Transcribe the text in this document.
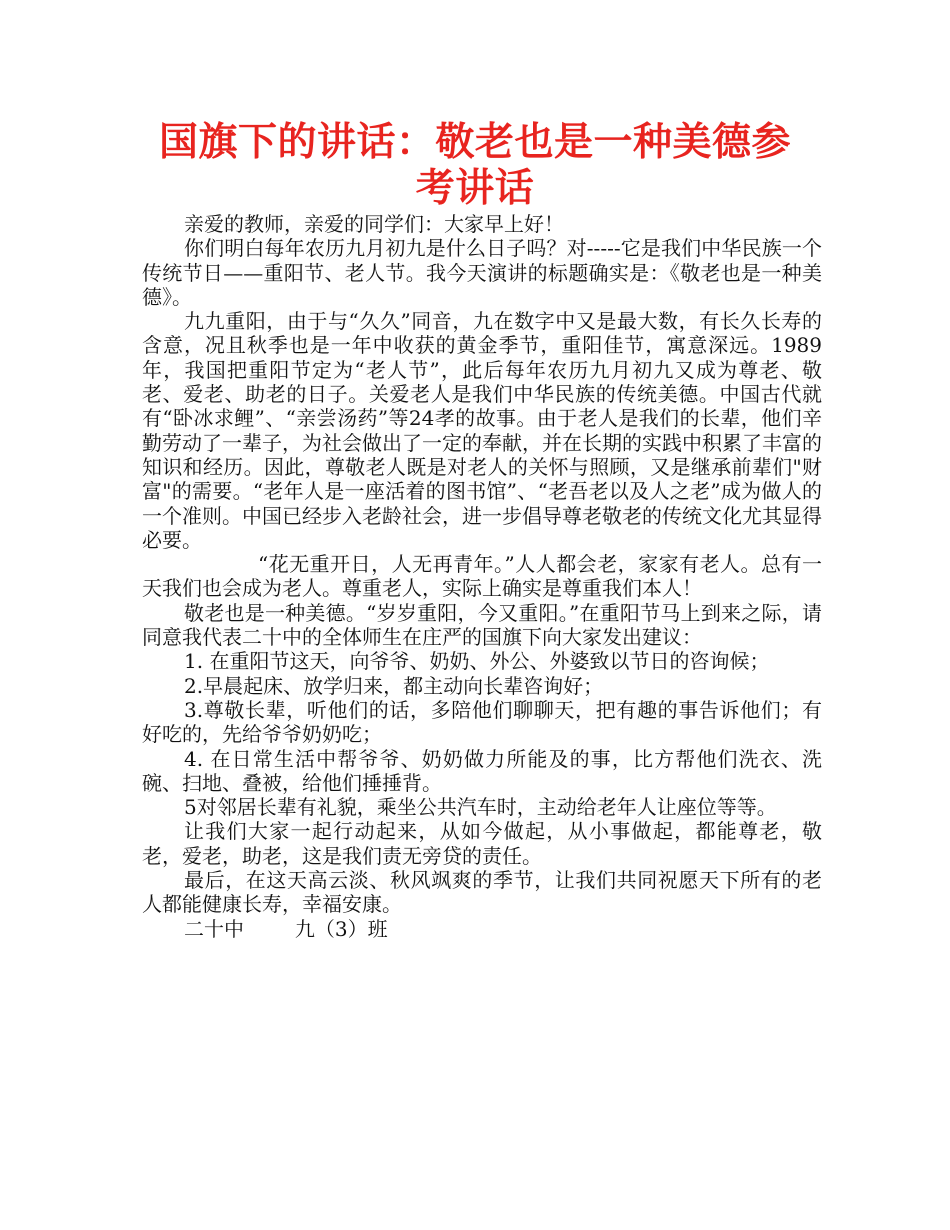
国旗下的讲话：敬老也是一种美德参考讲话

亲爱的教师，亲爱的同学们：大家早上好！

你们明白每年农历九月初九是什么日子吗？对-----它是我们中华民族一个传统节日——重阳节、老人节。我今天演讲的标题确实是：《敬老也是一种美德》。

九九重阳，由于与“久久”同音，九在数字中又是最大数，有长久长寿的含意，况且秋季也是一年中收获的黄金季节，重阳佳节，寓意深远。1989年，我国把重阳节定为“老人节”，此后每年农历九月初九又成为尊老、敬老、爱老、助老的日子。关爱老人是我们中华民族的传统美德。中国古代就有“卧冰求鲤”、“亲尝汤药”等24孝的故事。由于老人是我们的长辈，他们辛勤劳动了一辈子，为社会做出了一定的奉献，并在长期的实践中积累了丰富的知识和经历。因此，尊敬老人既是对老人的关怀与照顾，又是继承前辈们"财富"的需要。“老年人是一座活着的图书馆”、“老吾老以及人之老”成为做人的一个准则。中国已经步入老龄社会，进一步倡导尊老敬老的传统文化尤其显得必要。

“花无重开日，人无再青年。”人人都会老，家家有老人。总有一天我们也会成为老人。尊重老人，实际上确实是尊重我们本人！

敬老也是一种美德。“岁岁重阳，今又重阳。”在重阳节马上到来之际，请同意我代表二十中的全体师生在庄严的国旗下向大家发出建议：

1. 在重阳节这天，向爷爷、奶奶、外公、外婆致以节日的咨询候；

2.早晨起床、放学归来，都主动向长辈咨询好；

3.尊敬长辈，听他们的话，多陪他们聊聊天，把有趣的事告诉他们；有好吃的，先给爷爷奶奶吃；

4. 在日常生活中帮爷爷、奶奶做力所能及的事，比方帮他们洗衣、洗碗、扫地、叠被，给他们捶捶背。

5对邻居长辈有礼貌，乘坐公共汽车时，主动给老年人让座位等等。

让我们大家一起行动起来，从如今做起，从小事做起，都能尊老，敬老，爱老，助老，这是我们责无旁贷的责任。

最后，在这天高云淡、秋风飒爽的季节，让我们共同祝愿天下所有的老人都能健康长寿，幸福安康。

二十中        九（3）班
